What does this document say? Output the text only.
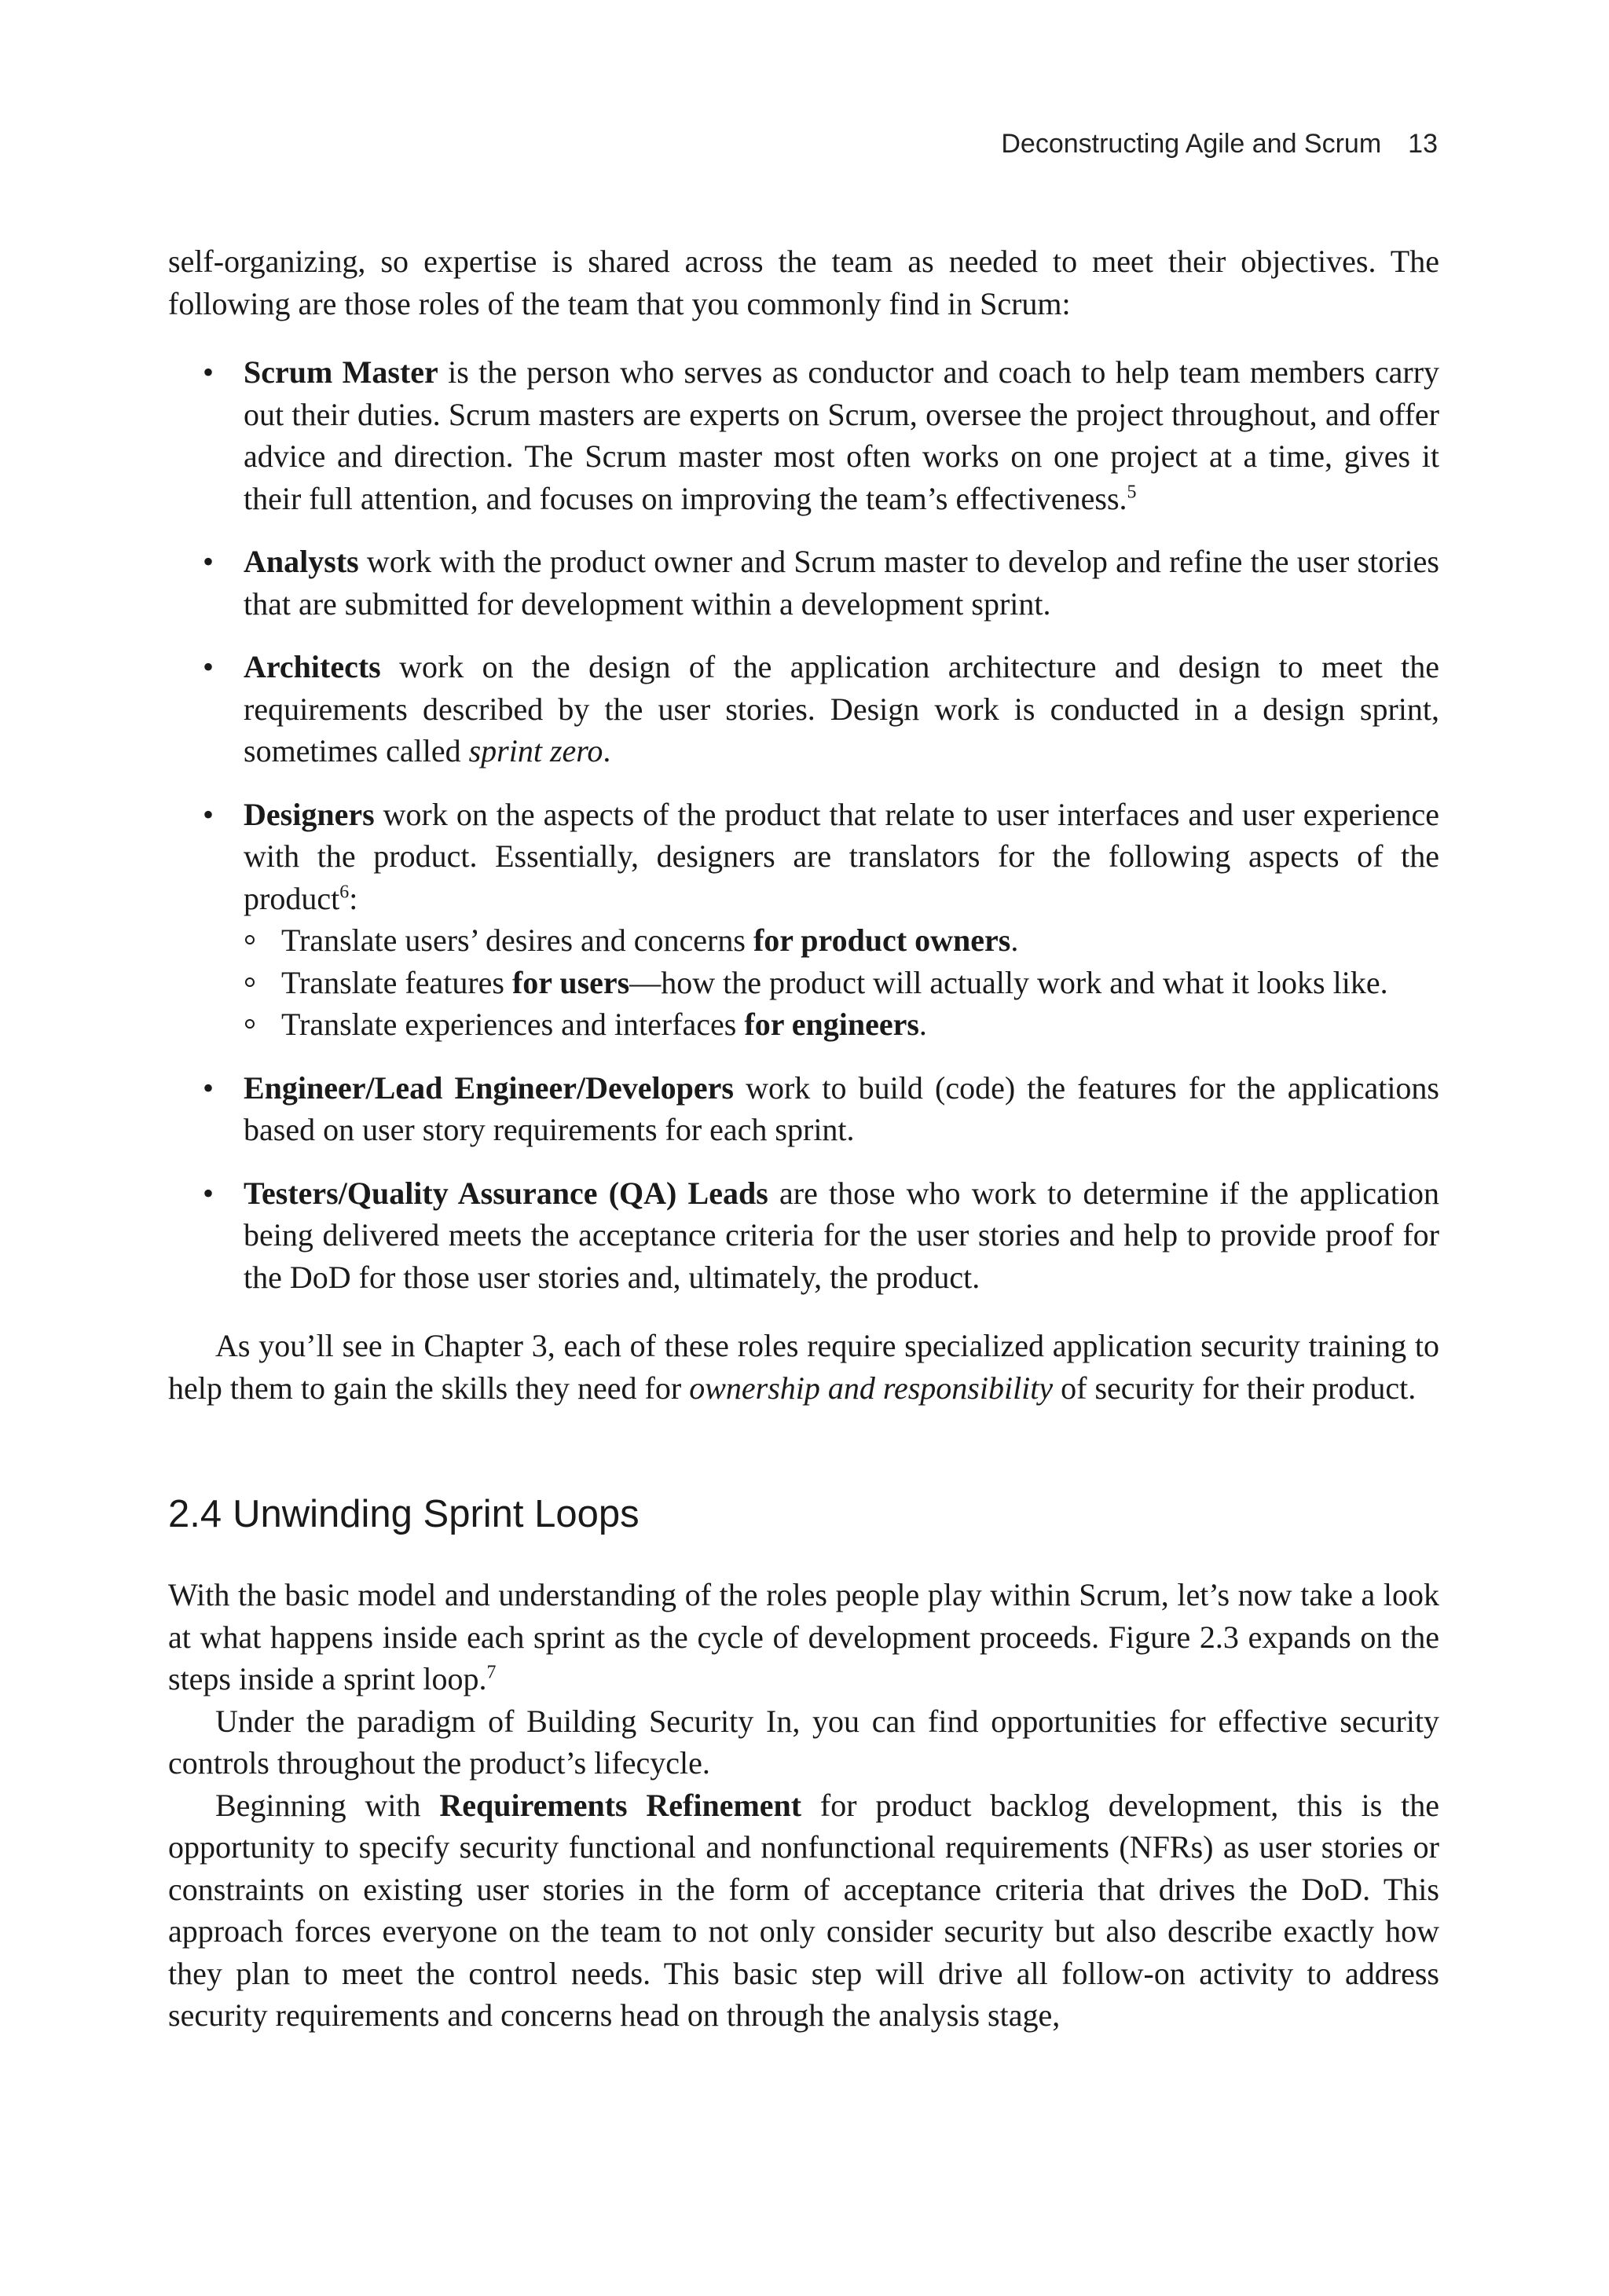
Deconstructing Agile and Scrum 13

self-organizing, so expertise is shared across the team as needed to meet their objectives. The following are those roles of the team that you commonly find in Scrum:

• Scrum Master is the person who serves as conductor and coach to help team members carry out their duties. Scrum masters are experts on Scrum, oversee the project throughout, and offer advice and direction. The Scrum master most often works on one project at a time, gives it their full attention, and focuses on improving the team’s effectiveness.$^5$
• Analysts work with the product owner and Scrum master to develop and refine the user stories that are submitted for development within a development sprint.
• Architects work on the design of the application architecture and design to meet the requirements described by the user stories. Design work is conducted in a design sprint, sometimes called sprint zero.
• Designers work on the aspects of the product that relate to user interfaces and user experience with the product. Essentially, designers are translators for the following aspects of the product$^6$:
Translate users’ desires and concerns for product owners.
Translate features for users—how the product will actually work and what it looks like.
Translate experiences and interfaces for engineers.
• Engineer/Lead Engineer/Developers work to build (code) the features for the applications based on user story requirements for each sprint.
• Testers/Quality Assurance (QA) Leads are those who work to determine if the application being delivered meets the acceptance criteria for the user stories and help to provide proof for the DoD for those user stories and, ultimately, the product.

As you’ll see in Chapter 3, each of these roles require specialized application security training to help them to gain the skills they need for ownership and responsibility of security for their product.

2.4 Unwinding Sprint Loops

With the basic model and understanding of the roles people play within Scrum, let’s now take a look at what happens inside each sprint as the cycle of development proceeds. Figure 2.3 expands on the steps inside a sprint loop.$^7$

Under the paradigm of Building Security In, you can find opportunities for effective security controls throughout the product’s lifecycle.

Beginning with Requirements Refinement for product backlog development, this is the opportunity to specify security functional and nonfunctional requirements (NFRs) as user stories or constraints on existing user stories in the form of acceptance criteria that drives the DoD. This approach forces everyone on the team to not only consider security but also describe exactly how they plan to meet the control needs. This basic step will drive all follow-on activity to address security requirements and concerns head on through the analysis stage,
